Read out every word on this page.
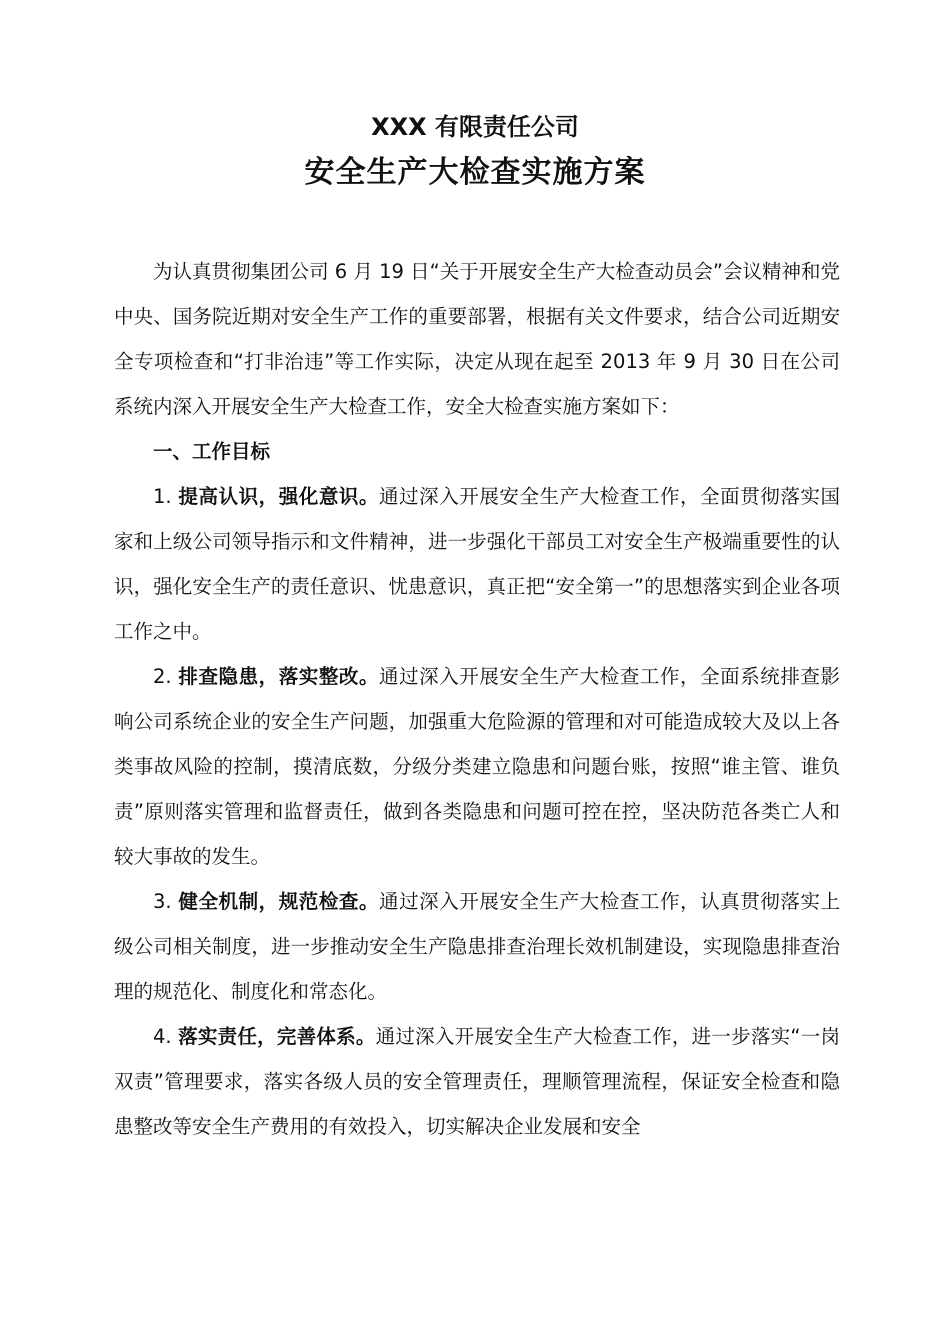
XXX 有限责任公司
安全生产大检查实施方案

为认真贯彻集团公司 6 月 19 日“关于开展安全生产大检查动员会”会议精神和党中央、国务院近期对安全生产工作的重要部署，根据有关文件要求，结合公司近期安全专项检查和“打非治违”等工作实际，决定从现在起至 2013 年 9 月 30 日在公司系统内深入开展安全生产大检查工作，安全大检查实施方案如下：

一、工作目标

1. 提高认识，强化意识。通过深入开展安全生产大检查工作，全面贯彻落实国家和上级公司领导指示和文件精神，进一步强化干部员工对安全生产极端重要性的认识，强化安全生产的责任意识、忧患意识，真正把“安全第一”的思想落实到企业各项工作之中。

2. 排查隐患，落实整改。通过深入开展安全生产大检查工作，全面系统排查影响公司系统企业的安全生产问题，加强重大危险源的管理和对可能造成较大及以上各类事故风险的控制，摸清底数，分级分类建立隐患和问题台账，按照“谁主管、谁负责”原则落实管理和监督责任，做到各类隐患和问题可控在控，坚决防范各类亡人和较大事故的发生。

3. 健全机制，规范检查。通过深入开展安全生产大检查工作，认真贯彻落实上级公司相关制度，进一步推动安全生产隐患排查治理长效机制建设，实现隐患排查治理的规范化、制度化和常态化。

4. 落实责任，完善体系。通过深入开展安全生产大检查工作，进一步落实“一岗双责”管理要求，落实各级人员的安全管理责任，理顺管理流程，保证安全检查和隐患整改等安全生产费用的有效投入，切实解决企业发展和安全
